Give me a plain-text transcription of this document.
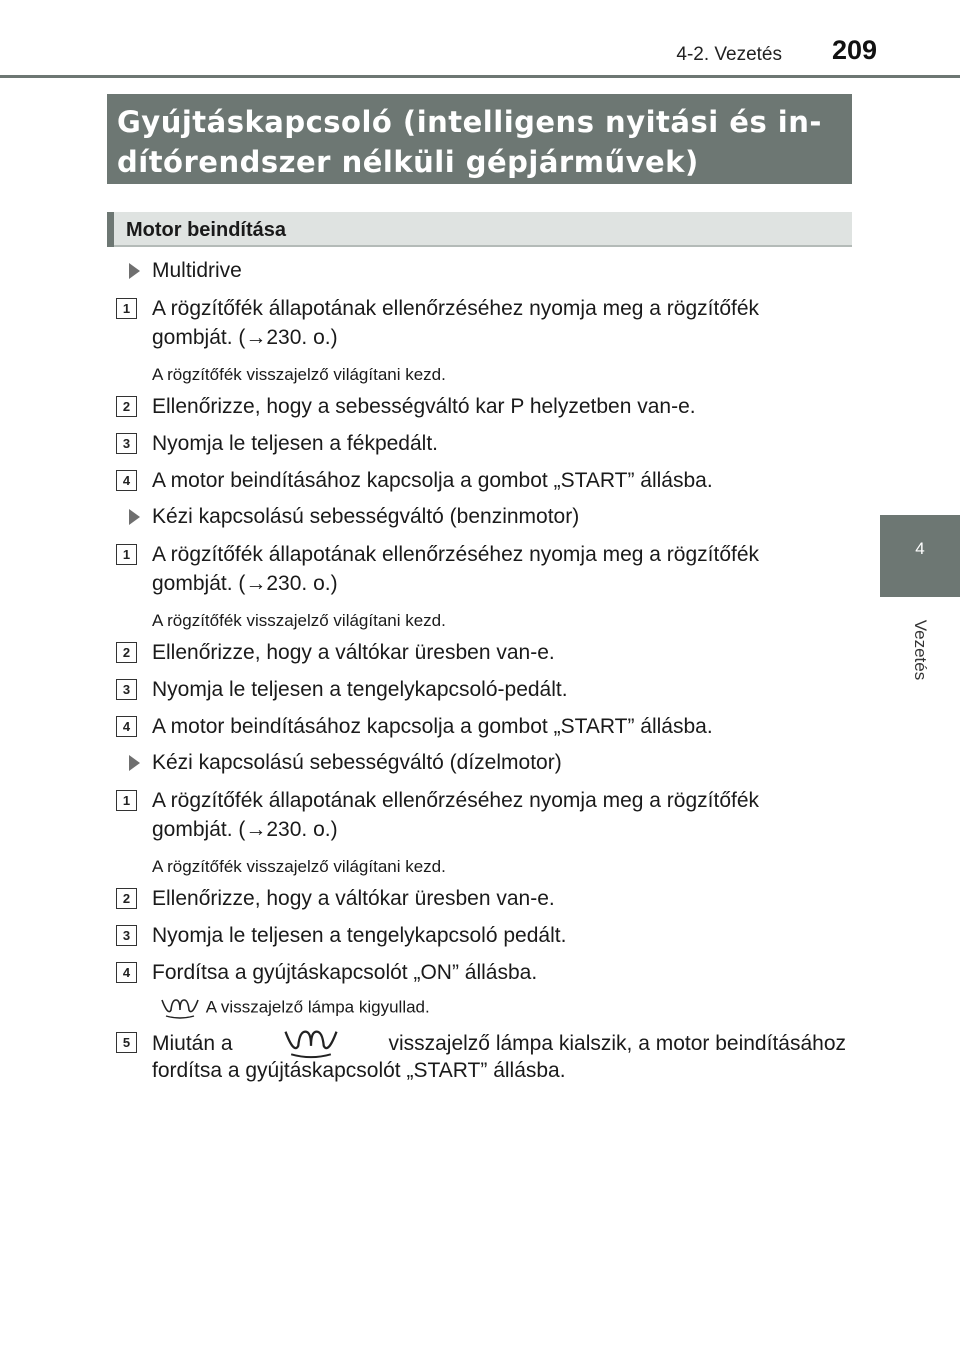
4-2. Vezetés 209
4
Vezetés
Gyújtáskapcsoló (intelligens nyitási és in-
dítórendszer nélküli gépjárművek)
Motor beindítása
Multidrive
1	A rögzítőfék állapotának ellenőrzéséhez nyomja meg a rögzítőfék
gombját. (→230. o.)
A rögzítőfék visszajelző világítani kezd.
2	Ellenőrizze, hogy a sebességváltó kar P helyzetben van-e.
3	Nyomja le teljesen a fékpedált.
4	A motor beindításához kapcsolja a gombot „START” állásba.
Kézi kapcsolású sebességváltó (benzinmotor)
1	A rögzítőfék állapotának ellenőrzéséhez nyomja meg a rögzítőfék
gombját. (→230. o.)
A rögzítőfék visszajelző világítani kezd.
2	Ellenőrizze, hogy a váltókar üresben van-e.
3	Nyomja le teljesen a tengelykapcsoló-pedált.
4	A motor beindításához kapcsolja a gombot „START” állásba.
Kézi kapcsolású sebességváltó (dízelmotor)
1	A rögzítőfék állapotának ellenőrzéséhez nyomja meg a rögzítőfék
gombját. (→230. o.)
A rögzítőfék visszajelző világítani kezd.
2	Ellenőrizze, hogy a váltókar üresben van-e.
3	Nyomja le teljesen a tengelykapcsoló pedált.
4	Fordítsa a gyújtáskapcsolót „ON” állásba.
A visszajelző lámpa kigyullad.
5	Miután a	visszajelző lámpa kialszik, a motor beindításához
fordítsa a gyújtáskapcsolót „START” állásba.
